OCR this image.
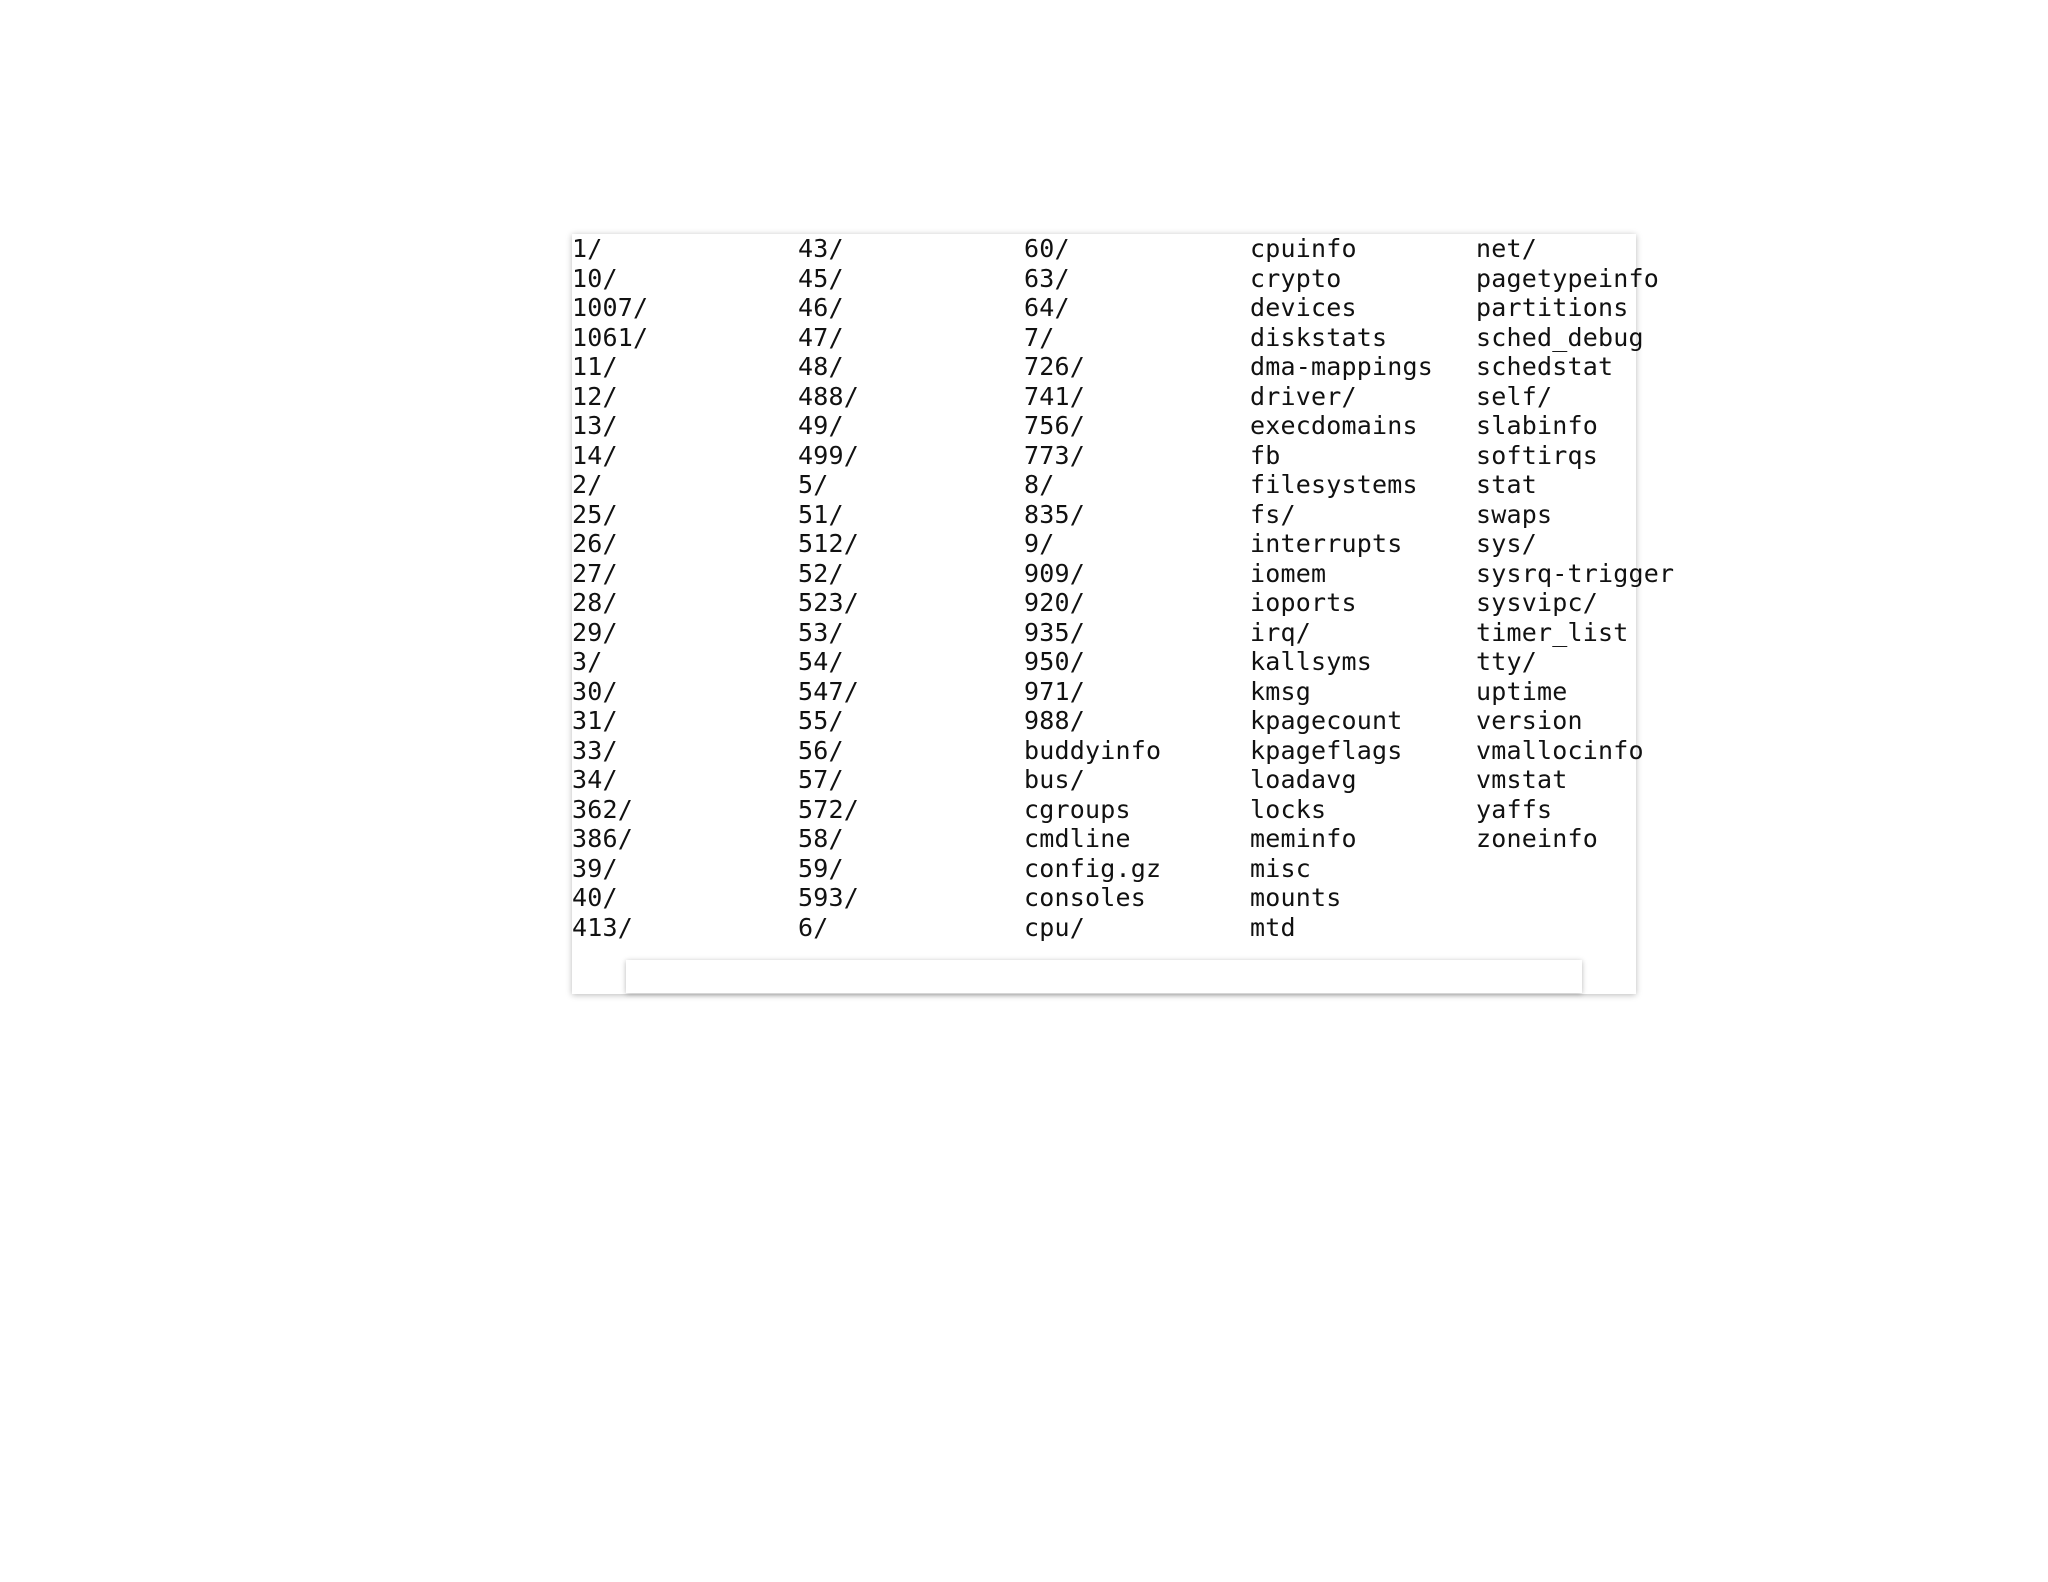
1/
10/
1007/
1061/
11/
12/
13/
14/
2/
25/
26/
27/
28/
29/
3/
30/
31/
33/
34/
362/
386/
39/
40/
413/
43/
45/
46/
47/
48/
488/
49/
499/
5/
51/
512/
52/
523/
53/
54/
547/
55/
56/
57/
572/
58/
59/
593/
6/
60/
63/
64/
7/
726/
741/
756/
773/
8/
835/
9/
909/
920/
935/
950/
971/
988/
buddyinfo
bus/
cgroups
cmdline
config.gz
consoles
cpu/
cpuinfo
crypto
devices
diskstats
dma-mappings
driver/
execdomains
fb
filesystems
fs/
interrupts
iomem
ioports
irq/
kallsyms
kmsg
kpagecount
kpageflags
loadavg
locks
meminfo
misc
mounts
mtd
net/
pagetypeinfo
partitions
sched_debug
schedstat
self/
slabinfo
softirqs
stat
swaps
sys/
sysrq-trigger
sysvipc/
timer_list
tty/
uptime
version
vmallocinfo
vmstat
yaffs
zoneinfo
